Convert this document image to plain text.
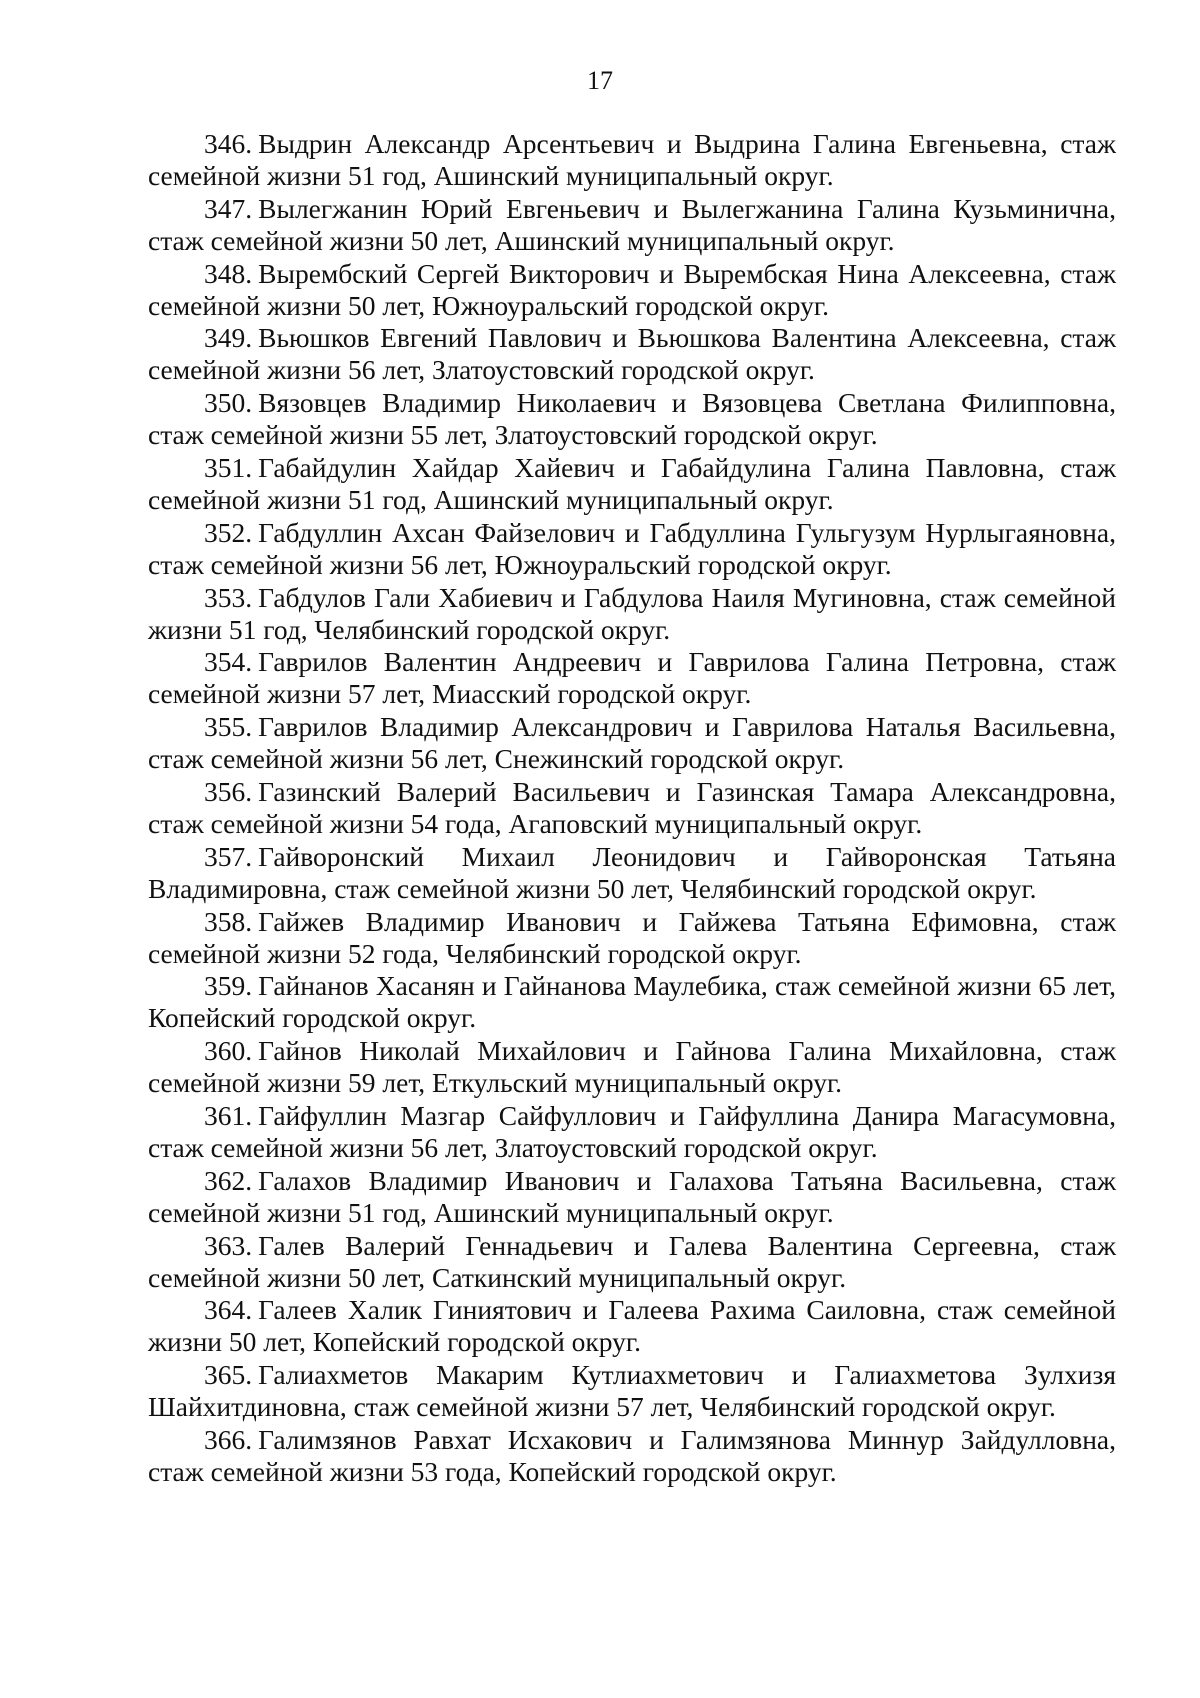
17

346. Выдрин Александр Арсентьевич и Выдрина Галина Евгеньевна, стаж семейной жизни 51 год, Ашинский муниципальный округ.

347. Вылегжанин Юрий Евгеньевич и Вылегжанина Галина Кузьминична, стаж семейной жизни 50 лет, Ашинский муниципальный округ.

348. Вырембский Сергей Викторович и Вырембская Нина Алексеевна, стаж семейной жизни 50 лет, Южноуральский городской округ.

349. Вьюшков Евгений Павлович и Вьюшкова Валентина Алексеевна, стаж семейной жизни 56 лет, Златоустовский городской округ.

350. Вязовцев Владимир Николаевич и Вязовцева Светлана Филипповна, стаж семейной жизни 55 лет, Златоустовский городской округ.

351. Габайдулин Хайдар Хайевич и Габайдулина Галина Павловна, стаж семейной жизни 51 год, Ашинский муниципальный округ.

352. Габдуллин Ахсан Файзелович и Габдуллина Гульгузум Нурлыгаяновна, стаж семейной жизни 56 лет, Южноуральский городской округ.

353. Габдулов Гали Хабиевич и Габдулова Наиля Мугиновна, стаж семейной жизни 51 год, Челябинский городской округ.

354. Гаврилов Валентин Андреевич и Гаврилова Галина Петровна, стаж семейной жизни 57 лет, Миасский городской округ.

355. Гаврилов Владимир Александрович и Гаврилова Наталья Васильевна, стаж семейной жизни 56 лет, Снежинский городской округ.

356. Газинский Валерий Васильевич и Газинская Тамара Александровна, стаж семейной жизни 54 года, Агаповский муниципальный округ.

357. Гайворонский Михаил Леонидович и Гайворонская Татьяна Владимировна, стаж семейной жизни 50 лет, Челябинский городской округ.

358. Гайжев Владимир Иванович и Гайжева Татьяна Ефимовна, стаж семейной жизни 52 года, Челябинский городской округ.

359. Гайнанов Хасанян и Гайнанова Маулебика, стаж семейной жизни 65 лет, Копейский городской округ.

360. Гайнов Николай Михайлович и Гайнова Галина Михайловна, стаж семейной жизни 59 лет, Еткульский муниципальный округ.

361. Гайфуллин Мазгар Сайфуллович и Гайфуллина Данира Магасумовна, стаж семейной жизни 56 лет, Златоустовский городской округ.

362. Галахов Владимир Иванович и Галахова Татьяна Васильевна, стаж семейной жизни 51 год, Ашинский муниципальный округ.

363. Галев Валерий Геннадьевич и Галева Валентина Сергеевна, стаж семейной жизни 50 лет, Саткинский муниципальный округ.

364. Галеев Халик Гиниятович и Галеева Рахима Саиловна, стаж семейной жизни 50 лет, Копейский городской округ.

365. Галиахметов Макарим Кутлиахметович и Галиахметова Зулхизя Шайхитдиновна, стаж семейной жизни 57 лет, Челябинский городской округ.

366. Галимзянов Равхат Исхакович и Галимзянова Миннур Зайдулловна, стаж семейной жизни 53 года, Копейский городской округ.
